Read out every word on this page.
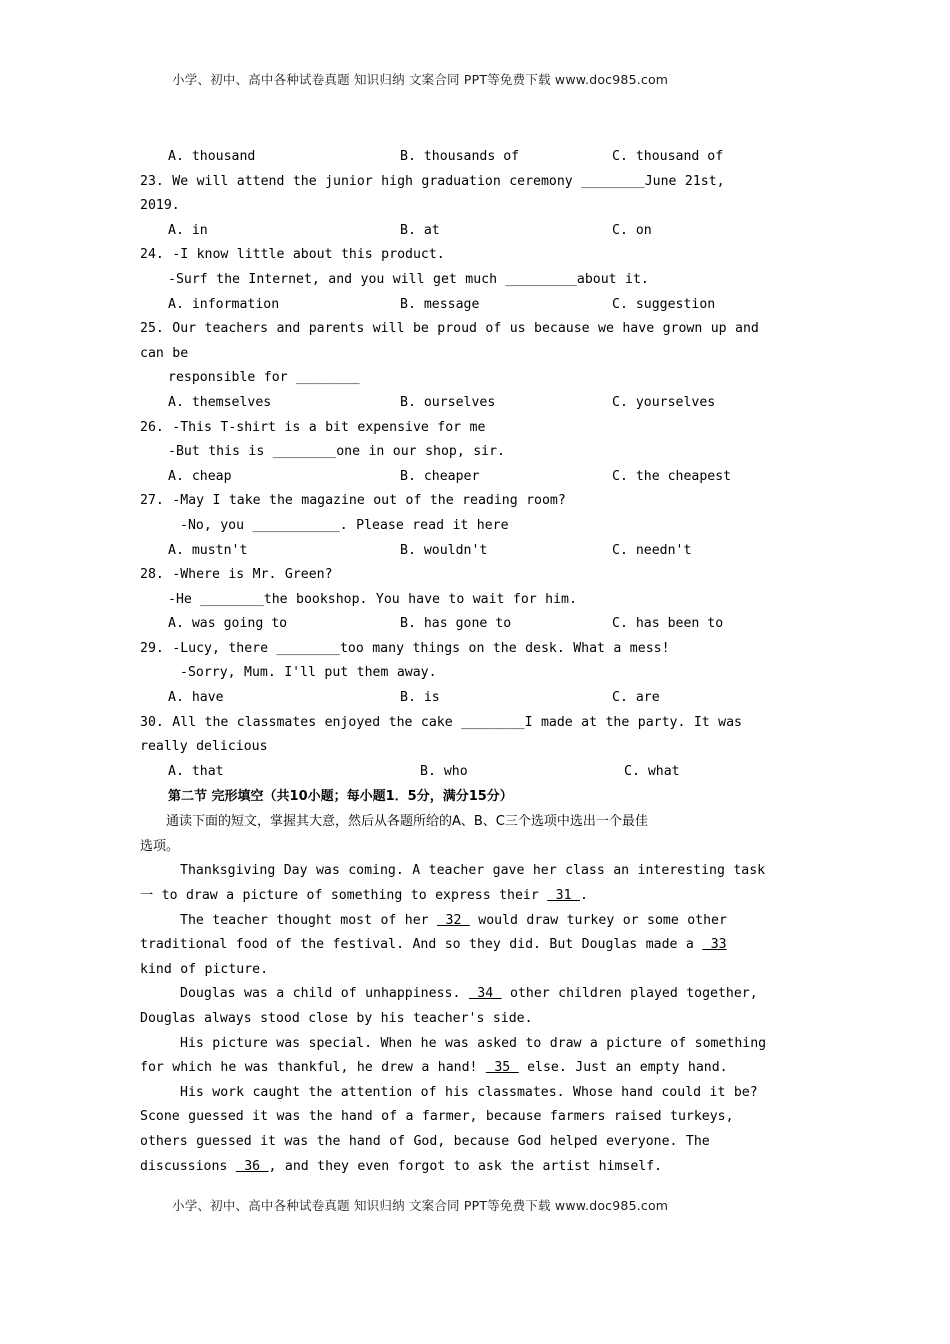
小学、初中、高中各种试卷真题 知识归纳 文案合同 PPT等免费下载 www.doc985.com
A. thousand	B. thousands of	C. thousand of
23. We will attend the junior high graduation ceremony ________June 21st,
2019.
A. in	B. at	C. on
24. -I know little about this product.
-Surf the Internet, and you will get much _________about it.
A. information	B. message	C. suggestion
25. Our teachers and parents will be proud of us because we have grown up and
can be
responsible for ________
A. themselves	B. ourselves	C. yourselves
26. -This T-shirt is a bit expensive for me
-But this is ________one in our shop, sir.
A. cheap	B. cheaper	C. the cheapest
27. -May I take the magazine out of the reading room?
-No, you ___________. Please read it here
A. mustn't	B. wouldn't	C. needn't
28. -Where is Mr. Green?
-He ________the bookshop. You have to wait for him.
A. was going to	B. has gone to	C. has been to
29. -Lucy, there ________too many things on the desk. What a mess!
-Sorry, Mum. I'll put them away.
A. have	B. is	C. are
30. All the classmates enjoyed the cake ________I made at the party. It was
really delicious
A. that	B. who	C. what
第二节 完形填空（共10小题；每小题1．5分，满分15分）
通读下面的短文，掌握其大意，然后从各题所给的A、B、C三个选项中选出一个最佳
选项。
Thanksgiving Day was coming. A teacher gave her class an interesting task
一 to draw a picture of something to express their  31 .
The teacher thought most of her  32  would draw turkey or some other
traditional food of the festival. And so they did. But Douglas made a  33
kind of picture.
Douglas was a child of unhappiness.  34  other children played together,
Douglas always stood close by his teacher's side.
His picture was special. When he was asked to draw a picture of something
for which he was thankful, he drew a hand!  35  else. Just an empty hand.
His work caught the attention of his classmates. Whose hand could it be?
Scone guessed it was the hand of a farmer, because farmers raised turkeys,
others guessed it was the hand of God, because God helped everyone. The
discussions  36 , and they even forgot to ask the artist himself.
小学、初中、高中各种试卷真题 知识归纳 文案合同 PPT等免费下载 www.doc985.com
